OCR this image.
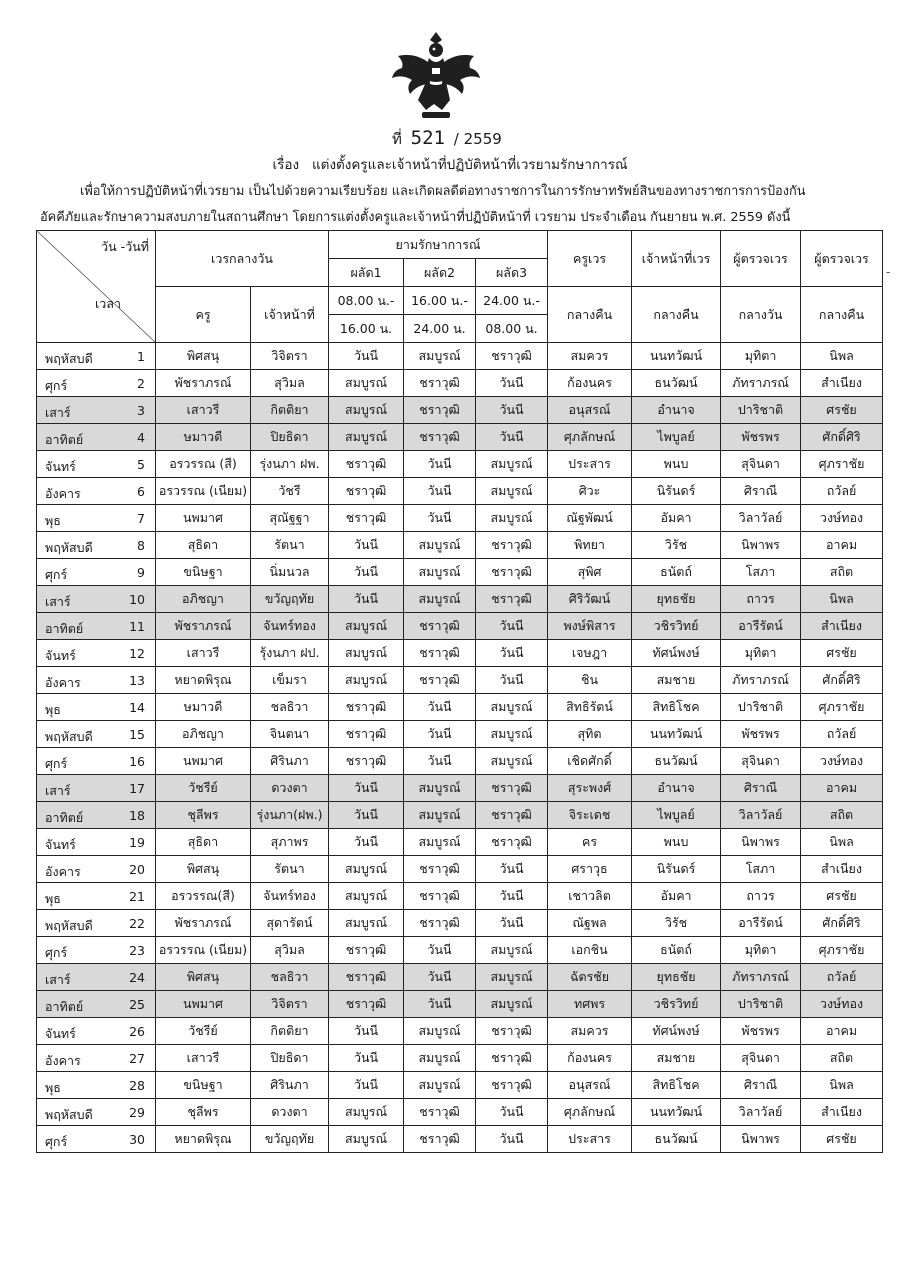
ที่ 521 / 2559
เรื่อง แต่งตั้งครูและเจ้าหน้าที่ปฏิบัติหน้าที่เวรยามรักษาการณ์
เพื่อให้การปฏิบัติหน้าที่เวรยาม เป็นไปด้วยความเรียบร้อย และเกิดผลดีต่อทางราชการในการรักษาทรัพย์สินของทางราชการการป้องกัน
อัคคีภัยและรักษาความสงบภายในสถานศึกษา โดยการแต่งตั้งครูและเจ้าหน้าที่ปฏิบัติหน้าที่ เวรยาม ประจำเดือน กันยายน พ.ศ. 2559 ดังนี้
วัน -วันที่
เวลา	เวรกลางวัน		ยามรักษาการณ์			ครูเวร	เจ้าหน้าที่เวร	ผู้ตรวจเวร	ผู้ตรวจเวร
			ผลัด1	ผลัด2	ผลัด3				
	ครู	เจ้าหน้าที่	08.00 น.-	16.00 น.-	24.00 น.-	กลางคืน	กลางคืน	กลางวัน	กลางคืน
			16.00 น.	24.00 น.	08.00 น.				

พฤหัสบดี 1	พิศสนุ	วิจิตรา	วันนี	สมบูรณ์	ชราวุฒิ	สมควร	นนทวัฒน์	มุทิตา	นิพล

ศุกร์ 2	พัชราภรณ์	สุวิมล	สมบูรณ์	ชราวุฒิ	วันนี	ก้องนคร	ธนวัฒน์	ภัทราภรณ์	สำเนียง

เสาร์ 3	เสาวรี	กิตติยา	สมบูรณ์	ชราวุฒิ	วันนี	อนุสรณ์	อำนาจ	ปาริชาติ	ศรชัย

อาทิตย์ 4	ษมาวดี	ปิยธิดา	สมบูรณ์	ชราวุฒิ	วันนี	ศุภลักษณ์	ไพบูลย์	พัชรพร	ศักดิ์ศิริ

จันทร์ 5	อรวรรณ (สี)	รุ่งนภา ฝพ.	ชราวุฒิ	วันนี	สมบูรณ์	ประสาร	พนบ	สุจินดา	ศุภราชัย

อังคาร 6	อรวรรณ (เนียม)	วัชรี	ชราวุฒิ	วันนี	สมบูรณ์	ศิวะ	นิรันดร์	ศิราณี	ถวัลย์

พุธ 7	นพมาศ	สุณัฐฐา	ชราวุฒิ	วันนี	สมบูรณ์	ณัฐพัฒน์	อัมคา	วิลาวัลย์	วงษ์ทอง

พฤหัสบดี 8	สุธิดา	รัตนา	วันนี	สมบูรณ์	ชราวุฒิ	พิทยา	วิรัช	นิพาพร	อาคม

ศุกร์ 9	ขนิษฐา	นิ่มนวล	วันนี	สมบูรณ์	ชราวุฒิ	สุพิศ	ธนัตถ์	โสภา	สถิต

เสาร์ 10	อภิชญา	ขวัญฤทัย	วันนี	สมบูรณ์	ชราวุฒิ	ศิริวัฒน์	ยุทธชัย	ถาวร	นิพล

อาทิตย์ 11	พัชราภรณ์	จันทร์ทอง	สมบูรณ์	ชราวุฒิ	วันนี	พงษ์พิสาร	วชิรวิทย์	อารีรัตน์	สำเนียง

จันทร์ 12	เสาวรี	รุ้งนภา ฝป.	สมบูรณ์	ชราวุฒิ	วันนี	เจษฎา	ทัศน์พงษ์	มุทิตา	ศรชัย

อังคาร 13	หยาดพิรุณ	เข็มรา	สมบูรณ์	ชราวุฒิ	วันนี	ชิน	สมชาย	ภัทราภรณ์	ศักดิ์ศิริ

พุธ 14	ษมาวดี	ชลธิวา	ชราวุฒิ	วันนี	สมบูรณ์	สิทธิรัตน์	สิทธิโชค	ปาริชาติ	ศุภราชัย

พฤหัสบดี 15	อภิชญา	จินตนา	ชราวุฒิ	วันนี	สมบูรณ์	สุทิต	นนทวัฒน์	พัชรพร	ถวัลย์

ศุกร์ 16	นพมาศ	ศิรินภา	ชราวุฒิ	วันนี	สมบูรณ์	เชิดศักดิ์	ธนวัฒน์	สุจินดา	วงษ์ทอง

เสาร์ 17	วัชรีย์	ดวงตา	วันนี	สมบูรณ์	ชราวุฒิ	สุระพงศ์	อำนาจ	ศิราณี	อาคม

อาทิตย์ 18	ชุลีพร	รุ่งนภา(ฝพ.)	วันนี	สมบูรณ์	ชราวุฒิ	จิระเดช	ไพบูลย์	วิลาวัลย์	สถิต

จันทร์ 19	สุธิดา	สุภาพร	วันนี	สมบูรณ์	ชราวุฒิ	คร	พนบ	นิพาพร	นิพล

อังคาร 20	พิศสนุ	รัตนา	สมบูรณ์	ชราวุฒิ	วันนี	ศราวุธ	นิรันดร์	โสภา	สำเนียง

พุธ 21	อรวรรณ(สี)	จันทร์ทอง	สมบูรณ์	ชราวุฒิ	วันนี	เชาวลิต	อัมคา	ถาวร	ศรชัย

พฤหัสบดี 22	พัชราภรณ์	สุดารัตน์	สมบูรณ์	ชราวุฒิ	วันนี	ณัฐพล	วิรัช	อารีรัตน์	ศักดิ์ศิริ

ศุกร์ 23	อรวรรณ (เนียม)	สุวิมล	ชราวุฒิ	วันนี	สมบูรณ์	เอกชิน	ธนัตถ์	มุทิตา	ศุภราชัย

เสาร์ 24	พิศสนุ	ชลธิวา	ชราวุฒิ	วันนี	สมบูรณ์	ฉัตรชัย	ยุทธชัย	ภัทราภรณ์	ถวัลย์

อาทิตย์ 25	นพมาศ	วิจิตรา	ชราวุฒิ	วันนี	สมบูรณ์	ทศพร	วชิรวิทย์	ปาริชาติ	วงษ์ทอง

จันทร์ 26	วัชรีย์	กิตติยา	วันนี	สมบูรณ์	ชราวุฒิ	สมควร	ทัศน์พงษ์	พัชรพร	อาคม

อังคาร 27	เสาวรี	ปิยธิดา	วันนี	สมบูรณ์	ชราวุฒิ	ก้องนคร	สมชาย	สุจินดา	สถิต

พุธ 28	ขนิษฐา	ศิรินภา	วันนี	สมบูรณ์	ชราวุฒิ	อนุสรณ์	สิทธิโชค	ศิราณี	นิพล

พฤหัสบดี 29	ชุลีพร	ดวงตา	สมบูรณ์	ชราวุฒิ	วันนี	ศุภลักษณ์	นนทวัฒน์	วิลาวัลย์	สำเนียง

ศุกร์ 30	หยาดพิรุณ	ขวัญฤทัย	สมบูรณ์	ชราวุฒิ	วันนี	ประสาร	ธนวัฒน์	นิพาพร	ศรชัย
-
